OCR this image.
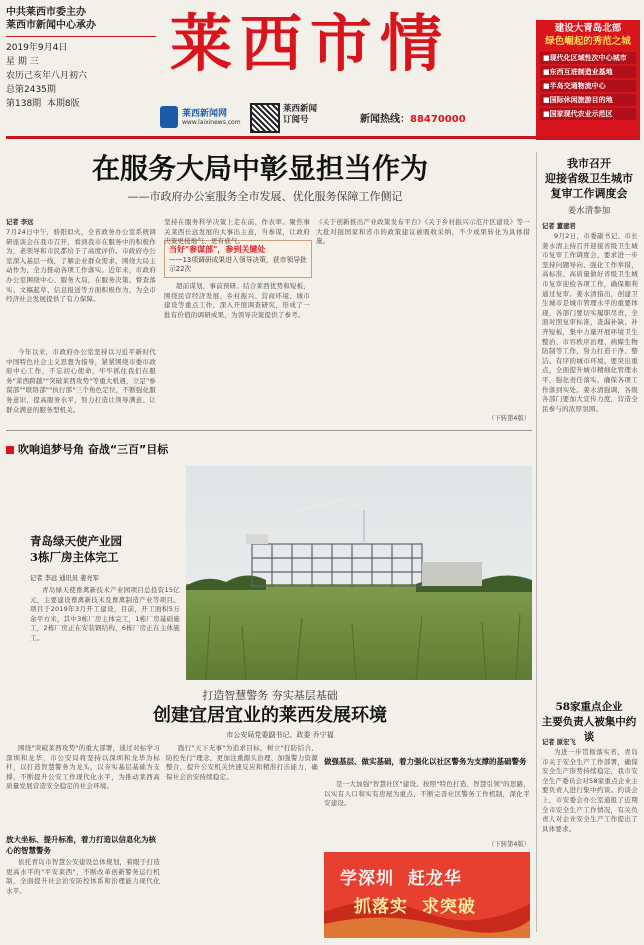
中共莱西市委主办
莱西市新闻中心承办
2019年9月4日
星 期 三
农历己亥年八月初六
总第2435期
第138期 本期8版
莱西市情
莱西新闻网
www.laixinews.com
莱西新闻
订阅号	新闻热线：88470000
建设大青岛北部
绿色崛起的秀范之城
■现代化区域性次中心城市
■东西互进制造业基地
■半岛交通物流中心
■国际休闲旅游目的地
■国家现代农业示范区
在服务大局中彰显担当作为
——市政府办公室服务全市发展、优化服务保障工作侧记
记者 李远
7月24日中午，骄阳似火，全省政务办公室系统调研座谈会在我市召开，看到我市在服务中的积极作为，老领导和市民都给予了高度评价。市政府办公室深入基层一线，了解企业群众需求，围绕大局主动作为，全力推动各项工作落实。近年来，市政府办公室围绕中心、服务大局，在服务决策、督查落实、文稿起草、信息报送等方面积极作为，为全市经济社会发展提供了有力保障。
今年以来，市政府办公室坚持以习近平新时代中国特色社会主义思想为指导，紧紧围绕市委市政府中心工作，不忘初心使命，牢牢抓住我们在服务"莱西跨越""突破莱西攻势"等重大机遇，立足"参谋部""联络部""执行部"三个角色定位，不断强化服务意识，提高服务水平，努力打造让领导满意、让群众满意的服务型机关。
当好"参谋部"，参到关键处
——13项调研成果进入领导决策，获市领导批示22次
坚持在服务科学决策上走在前、作表率。聚焦事关莱西长远发展的大事出主意，当参谋，让政府决策更接地气、更有底气。
超前谋划，事前预研。结合莱西优势和短板，围绕民营经济发展、乡村振兴、营商环境、城市建设等重点工作，深入开展调查研究，形成了一批有价值的调研成果，为领导决策提供了参考。
《关于创新推出产业政策发布平台》《关于乡村振兴示范片区建设》等一大批对接国家和省市的政策建议被吸收采纳，不少成果转化为具体措施。
（下转第4版）
我市召开
迎接省级卫生城市
复审工作调度会
姜水清参加
记者 董建君
9月2日，市委副书记、市长姜水清主持召开迎接省级卫生城市复审工作调度会，要求进一步坚持问题导向、强化工作举措，高标准、高质量做好省级卫生城市复审迎检各项工作，确保顺利通过复审。姜水清指出，创建卫生城市是城市管理水平的重要体现，各部门要切实履职尽责，全面对照复审标准，查漏补缺、补齐短板，集中力量开展环境卫生整治、市容秩序治理、病媒生物防制等工作，努力打造干净、整洁、有序的城市环境。要突出重点，全面提升城市精细化管理水平，强化责任落实，确保各项工作落到实处。姜水清强调，各级各部门要加大宣传力度，营造全民参与的浓厚氛围。
58家重点企业
主要负责人被集中约谈
记者 原宏飞
为进一步贯彻落实省、青岛市关于安全生产工作部署，确保安全生产形势持续稳定，我市安全生产委员会对58家重点企业主要负责人进行集中约谈。约谈会上，市安委会办公室通报了近期全市安全生产工作情况，有关负责人对企业安全生产工作提出了具体要求。
吹响追梦号角 奋战“三百”目标
青岛绿天使产业园
3栋厂房主体完工
记者 李远 通讯员 姜亮军
青岛绿天使畜禽新技术产业园项目总投资15亿元，主要建设畜禽新技术及畜禽制造产业等项目。项目于2019年3月开工建设，目前，开工面积5万余平方米，其中3栋厂房主体完工，1栋厂房基础施工，2栋厂房正在安装钢结构，6栋厂房正在主体施工。
打造智慧警务 夯实基层基础
创建宜居宜业的莱西发展环境
市公安局党委副书记、政委 乔宁福
围绕"突破莱西攻势"的重大部署，通过对标学习深圳和龙华，市公安局将坚持以深圳和龙华为标杆，以打造智慧警务为龙头，以夯实基层基础为支撑，不断提升公安工作现代化水平，为推动莱西高质量发展营造安全稳定的社会环境。
放大坐标、提升标准，着力打造以信息化为核心的智慧警务
依托青岛市智慧公安建设总体规划，着眼于打造更高水平的"平安莱西"，不断改革创新警务运行机制，全面提升社会治安防控体系和治理能力现代化水平。
践行"天下无事"为追求目标，树立"打防结合、防控先行"理念，更加注重源头治理、加强警力资源整合，提升公安机关快速反应和精准打击能力，确保社会治安持续稳定。
做强基层、做实基础，着力强化以社区警务为支撑的基础警务
是一大加强"智慧社区"建设。按照"特色打造、智慧引领"的思路，以实有人口和实有房屋为重点，不断完善社区警务工作机制，深化平安建设。
（下转第4版）
学深圳 赶龙华
抓落实 求突破
